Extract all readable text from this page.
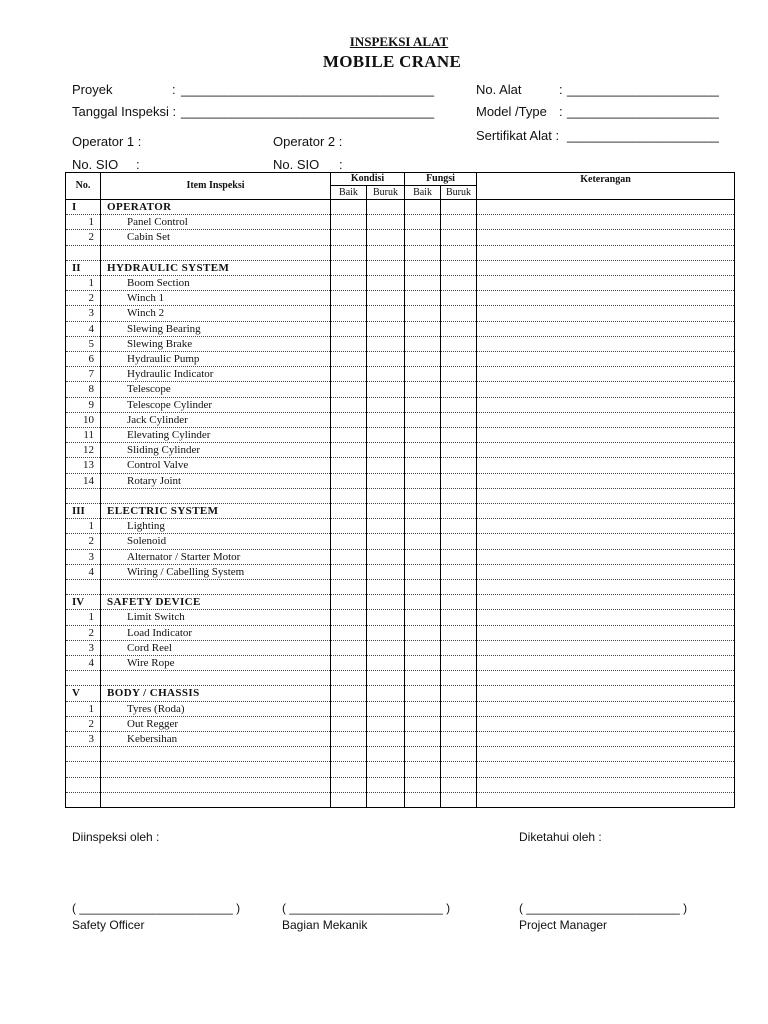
INSPEKSI ALAT
MOBILE CRANE
Proyek	: ___________________________________
Tanggal Inspeksi : ___________________________________
Operator 1 :	Operator 2 :
No. SIO :	No. SIO :
No. Alat	: _____________________
Model /Type : _____________________
Sertifikat Alat : _____________________
No.	Item Inspeksi	Kondisi		Fungsi		Keterangan
		Baik	Buruk	Baik	Buruk	
I	OPERATOR					
1	Panel Control					
2	Cabin Set					

II	HYDRAULIC SYSTEM					
1	Boom Section					
2	Winch 1					
3	Winch 2					
4	Slewing Bearing					
5	Slewing Brake					
6	Hydraulic Pump					
7	Hydraulic Indicator					
8	Telescope					
9	Telescope Cylinder					
10	Jack Cylinder					
11	Elevating Cylinder					
12	Sliding Cylinder					
13	Control Valve					
14	Rotary Joint					

III	ELECTRIC SYSTEM					
1	Lighting					
2	Solenoid					
3	Alternator / Starter Motor					
4	Wiring / Cabelling System					

IV	SAFETY DEVICE					
1	Limit Switch					
2	Load Indicator					
3	Cord Reel					
4	Wire Rope					

V	BODY / CHASSIS					
1	Tyres (Roda)					
2	Out Regger					
3	Kebersihan					

Diinspeksi oleh :	Diketahui oleh :
( _______________________ )	( _______________________ )	( _______________________ )
Safety Officer	Bagian Mekanik	Project Manager
